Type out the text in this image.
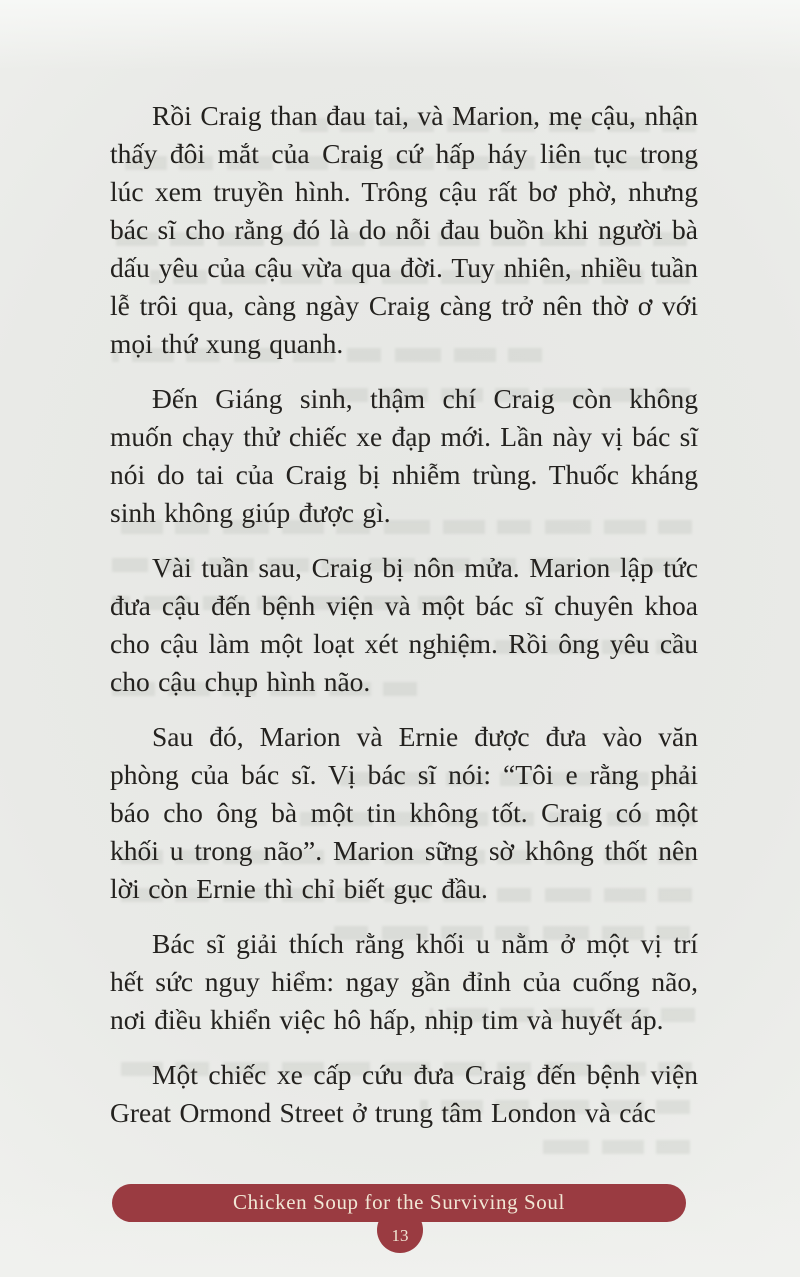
Rồi Craig than đau tai, và Marion, mẹ cậu, nhận thấy đôi mắt của Craig cứ hấp háy liên tục trong lúc xem truyền hình. Trông cậu rất bơ phờ, nhưng bác sĩ cho rằng đó là do nỗi đau buồn khi người bà dấu yêu của cậu vừa qua đời. Tuy nhiên, nhiều tuần lễ trôi qua, càng ngày Craig càng trở nên thờ ơ với mọi thứ xung quanh.

Đến Giáng sinh, thậm chí Craig còn không muốn chạy thử chiếc xe đạp mới. Lần này vị bác sĩ nói do tai của Craig bị nhiễm trùng. Thuốc kháng sinh không giúp được gì.

Vài tuần sau, Craig bị nôn mửa. Marion lập tức đưa cậu đến bệnh viện và một bác sĩ chuyên khoa cho cậu làm một loạt xét nghiệm. Rồi ông yêu cầu cho cậu chụp hình não.

Sau đó, Marion và Ernie được đưa vào văn phòng của bác sĩ. Vị bác sĩ nói: “Tôi e rằng phải báo cho ông bà một tin không tốt. Craig có một khối u trong não”. Marion sững sờ không thốt nên lời còn Ernie thì chỉ biết gục đầu.

Bác sĩ giải thích rằng khối u nằm ở một vị trí hết sức nguy hiểm: ngay gần đỉnh của cuống não, nơi điều khiển việc hô hấp, nhịp tim và huyết áp.

Một chiếc xe cấp cứu đưa Craig đến bệnh viện Great Ormond Street ở trung tâm London và các

13
Chicken Soup for the Surviving Soul
